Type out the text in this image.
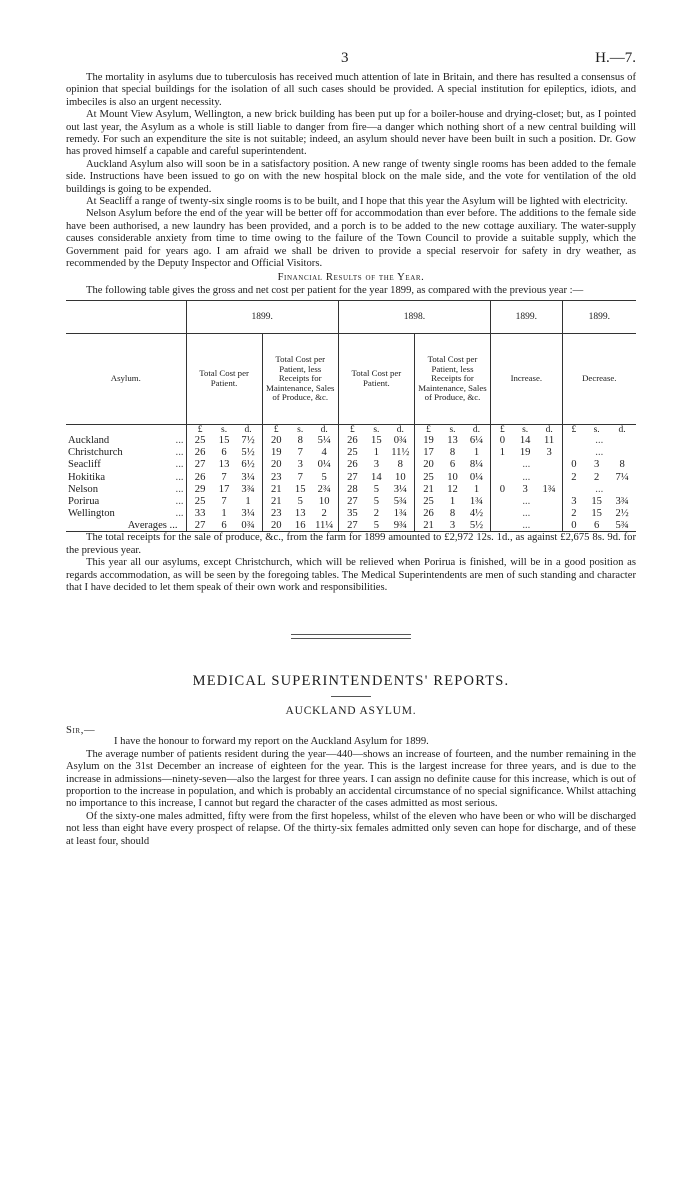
3	H.—7.

The mortality in asylums due to tuberculosis has received much attention of late in Britain, and there has resulted a consensus of opinion that special buildings for the isolation of all such cases should be provided. A special institution for epileptics, idiots, and imbeciles is also an urgent necessity.

At Mount View Asylum, Wellington, a new brick building has been put up for a boiler-house and drying-closet; but, as I pointed out last year, the Asylum as a whole is still liable to danger from fire—a danger which nothing short of a new central building will remedy. For such an expenditure the site is not suitable; indeed, an asylum should never have been built in such a position. Dr. Gow has proved himself a capable and careful superintendent.

Auckland Asylum also will soon be in a satisfactory position. A new range of twenty single rooms has been added to the female side. Instructions have been issued to go on with the new hospital block on the male side, and the vote for ventilation of the old buildings is going to be expended.

At Seacliff a range of twenty-six single rooms is to be built, and I hope that this year the Asylum will be lighted with electricity.

Nelson Asylum before the end of the year will be better off for accommodation than ever before. The additions to the female side have been authorised, a new laundry has been provided, and a porch is to be added to the new cottage auxiliary. The water-supply causes considerable anxiety from time to time owing to the failure of the Town Council to provide a suitable supply, which the Government paid for years ago. I am afraid we shall be driven to provide a special reservoir for safety in dry weather, as recommended by the Deputy Inspector and Official Visitors.

Financial Results of the Year.

The following table gives the gross and net cost per patient for the year 1899, as compared with the previous year :—

	1899.						1898.						1899.			1899.		
Asylum.	Total Cost per Patient.			Total Cost per Patient, less Receipts for Maintenance, Sales of Produce, &c.			Total Cost per Patient.			Total Cost per Patient, less Receipts for Maintenance, Sales of Produce, &c.			Increase.			Decrease.		
	£	s.	d.	£	s.	d.	£	s.	d.	£	s.	d.	£	s.	d.	£	s.	d.
Auckland ...	25	15	7½	20	8	5¼	26	15	0¾	19	13	6¼	0	14	11	...		
Christchurch ...	26	6	5½	19	7	4	25	1	11½	17	8	1	1	19	3	...		
Seacliff ...	27	13	6½	20	3	0¼	26	3	8	20	6	8¼	...			0	3	8
Hokitika ...	26	7	3¼	23	7	5	27	14	10	25	10	0¼	...			2	2	7¼
Nelson ...	29	17	3¾	21	15	2¾	28	5	3¼	21	12	1	0	3	1¾	...		
Porirua ...	25	7	1	21	5	10	27	5	5¾	25	1	1¾	...			3	15	3¾
Wellington ...	33	1	3¼	23	13	2	35	2	1¾	26	8	4½	...			2	15	2½
Averages ...	27	6	0¾	20	16	11¼	27	5	9¾	21	3	5½	...			0	6	5¾

The total receipts for the sale of produce, &c., from the farm for 1899 amounted to £2,972 12s. 1d., as against £2,675 8s. 9d. for the previous year.

This year all our asylums, except Christchurch, which will be relieved when Porirua is finished, will be in a good position as regards accommodation, as will be seen by the foregoing tables. The Medical Superintendents are men of such standing and character that I have decided to let them speak of their own work and responsibilities.

MEDICAL SUPERINTENDENTS' REPORTS.
AUCKLAND ASYLUM.
Sir,—

I have the honour to forward my report on the Auckland Asylum for 1899.

The average number of patients resident during the year—440—shows an increase of fourteen, and the number remaining in the Asylum on the 31st December an increase of eighteen for the year. This is the largest increase for three years, and is due to the increase in admissions—ninety-seven—also the largest for three years. I can assign no definite cause for this increase, which is out of proportion to the increase in population, and which is probably an accidental circumstance of no special significance. Whilst attaching no importance to this increase, I cannot but regard the character of the cases admitted as most serious.

Of the sixty-one males admitted, fifty were from the first hopeless, whilst of the eleven who have been or who will be discharged not less than eight have every prospect of relapse. Of the thirty-six females admitted only seven can hope for discharge, and of these at least four, should
